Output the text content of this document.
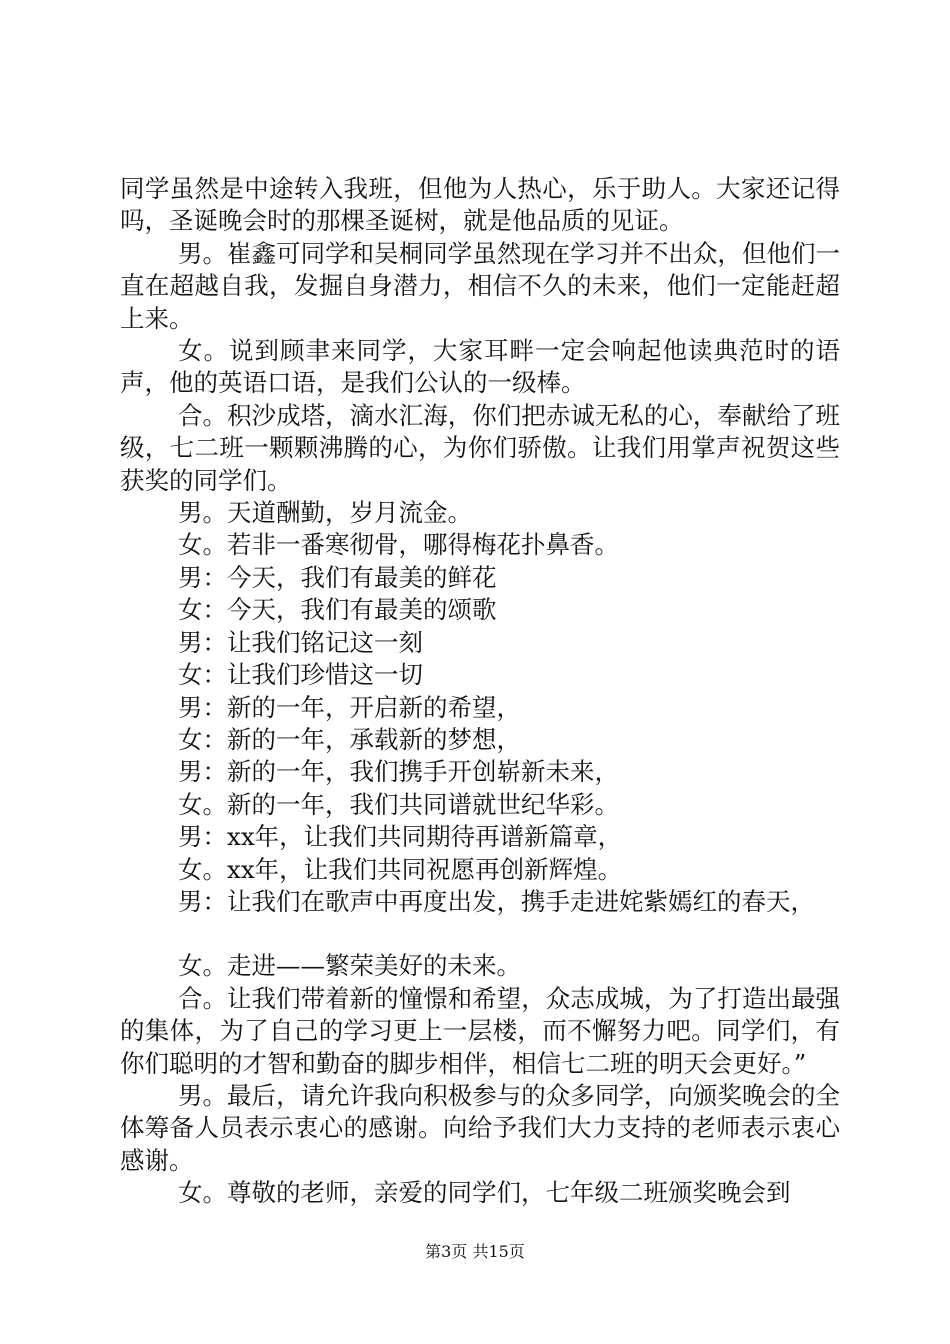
同学虽然是中途转入我班，但他为人热心，乐于助人。大家还记得吗，圣诞晚会时的那棵圣诞树，就是他品质的见证。

男。崔鑫可同学和吴桐同学虽然现在学习并不出众，但他们一直在超越自我，发掘自身潜力，相信不久的未来，他们一定能赶超上来。

女。说到顾聿来同学，大家耳畔一定会响起他读典范时的语声，他的英语口语，是我们公认的一级棒。

合。积沙成塔，滴水汇海，你们把赤诚无私的心，奉献给了班级，七二班一颗颗沸腾的心，为你们骄傲。让我们用掌声祝贺这些获奖的同学们。

男。天道酬勤，岁月流金。

女。若非一番寒彻骨，哪得梅花扑鼻香。

男：今天，我们有最美的鲜花

女：今天，我们有最美的颂歌

男：让我们铭记这一刻

女：让我们珍惜这一切

男：新的一年，开启新的希望，

女：新的一年，承载新的梦想，

男：新的一年，我们携手开创崭新未来，

女。新的一年，我们共同谱就世纪华彩。

男：xx年，让我们共同期待再谱新篇章，

女。xx年，让我们共同祝愿再创新辉煌。

男：让我们在歌声中再度出发，携手走进姹紫嫣红的春天，

女。走进——繁荣美好的未来。

合。让我们带着新的憧憬和希望，众志成城，为了打造出最强的集体，为了自己的学习更上一层楼，而不懈努力吧。同学们，有你们聪明的才智和勤奋的脚步相伴，相信七二班的明天会更好。”

男。最后，请允许我向积极参与的众多同学，向颁奖晚会的全体筹备人员表示衷心的感谢。向给予我们大力支持的老师表示衷心感谢。

女。尊敬的老师，亲爱的同学们，七年级二班颁奖晚会到

第3页 共15页
